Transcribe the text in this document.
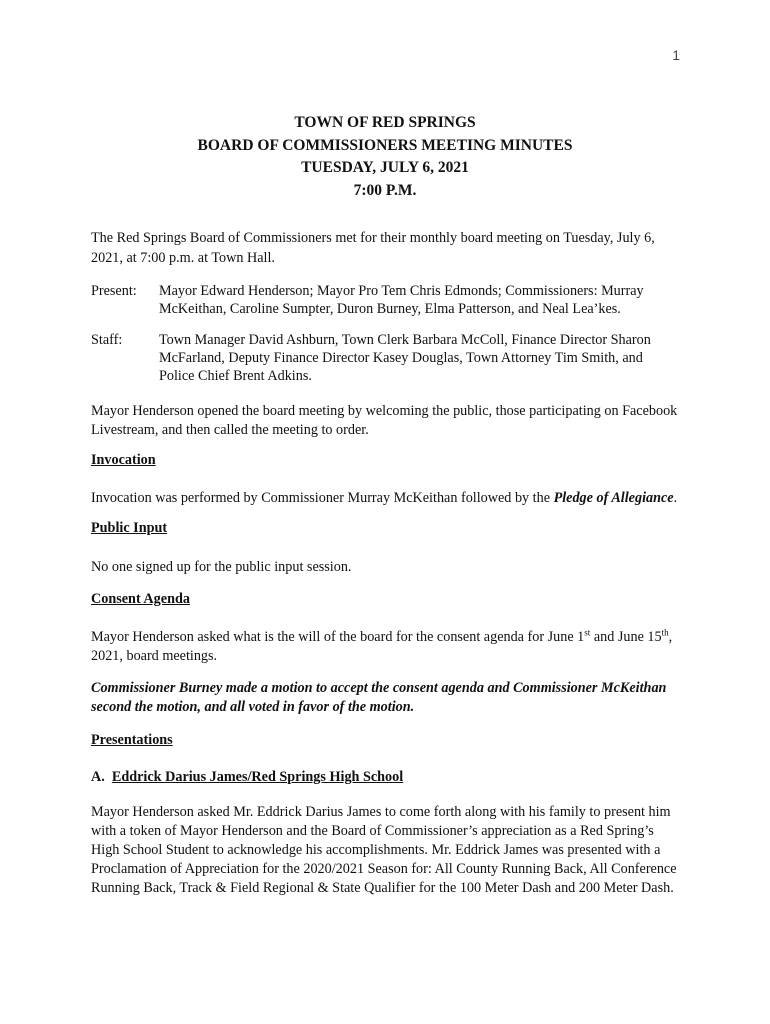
1
TOWN OF RED SPRINGS
BOARD OF COMMISSIONERS MEETING MINUTES
TUESDAY, JULY 6, 2021
7:00 P.M.

The Red Springs Board of Commissioners met for their monthly board meeting on Tuesday, July 6, 2021, at 7:00 p.m. at Town Hall.

Present:	Mayor Edward Henderson; Mayor Pro Tem Chris Edmonds; Commissioners: Murray McKeithan, Caroline Sumpter, Duron Burney, Elma Patterson, and Neal Lea’kes.
Staff:	Town Manager David Ashburn, Town Clerk Barbara McColl, Finance Director Sharon McFarland, Deputy Finance Director Kasey Douglas, Town Attorney Tim Smith, and Police Chief Brent Adkins.

Mayor Henderson opened the board meeting by welcoming the public, those participating on Facebook Livestream, and then called the meeting to order.

Invocation

Invocation was performed by Commissioner Murray McKeithan followed by the Pledge of Allegiance.

Public Input

No one signed up for the public input session.

Consent Agenda

Mayor Henderson asked what is the will of the board for the consent agenda for June 1st and June 15th, 2021, board meetings.

Commissioner Burney made a motion to accept the consent agenda and Commissioner McKeithan second the motion, and all voted in favor of the motion.

Presentations

A. Eddrick Darius James/Red Springs High School

Mayor Henderson asked Mr. Eddrick Darius James to come forth along with his family to present him with a token of Mayor Henderson and the Board of Commissioner’s appreciation as a Red Spring’s High School Student to acknowledge his accomplishments. Mr. Eddrick James was presented with a Proclamation of Appreciation for the 2020/2021 Season for: All County Running Back, All Conference Running Back, Track & Field Regional & State Qualifier for the 100 Meter Dash and 200 Meter Dash.
